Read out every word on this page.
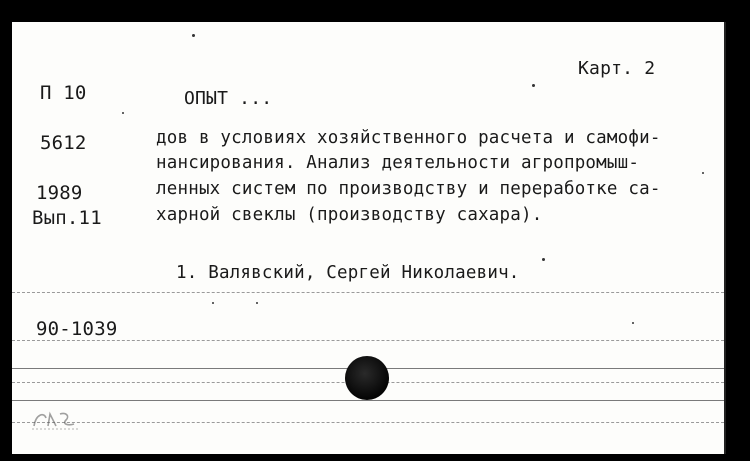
Карт. 2
П 10	ОПЫТ ...
5612
1989
Вып.11
дов в условиях хозяйственного расчета и самофи-
нансирования. Анализ деятельности агропромыш-
ленных систем по производству и переработке са-
харной свеклы (производству сахара).
1. Валявский, Сергей Николаевич.
90-1039
